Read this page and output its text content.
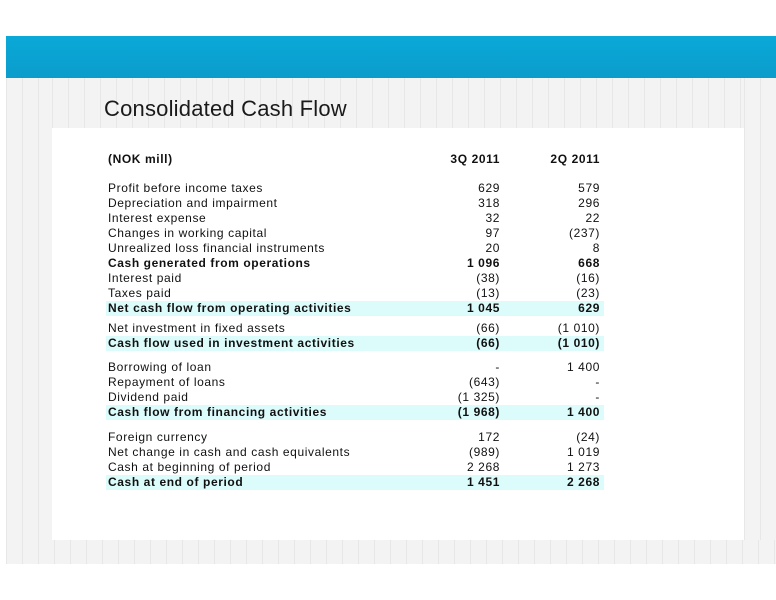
Consolidated Cash Flow
(NOK mill)	3Q 2011	2Q 2011
Profit before income taxes	629	579
Depreciation and impairment	318	296
Interest expense	32	22
Changes in working capital	97	(237)
Unrealized loss financial instruments	20	8
Cash generated from operations	1 096	668
Interest paid	(38)	(16)
Taxes paid	(13)	(23)
Net cash flow from operating activities	1 045	629
Net investment in fixed assets	(66)	(1 010)
Cash flow used in investment activities	(66)	(1 010)
Borrowing of loan	-	1 400
Repayment of loans	(643)	-
Dividend paid	(1 325)	-
Cash flow from financing activities	(1 968)	1 400
Foreign currency	172	(24)
Net change in cash and cash equivalents	(989)	1 019
Cash at beginning of period	2 268	1 273
Cash at end of period	1 451	2 268
